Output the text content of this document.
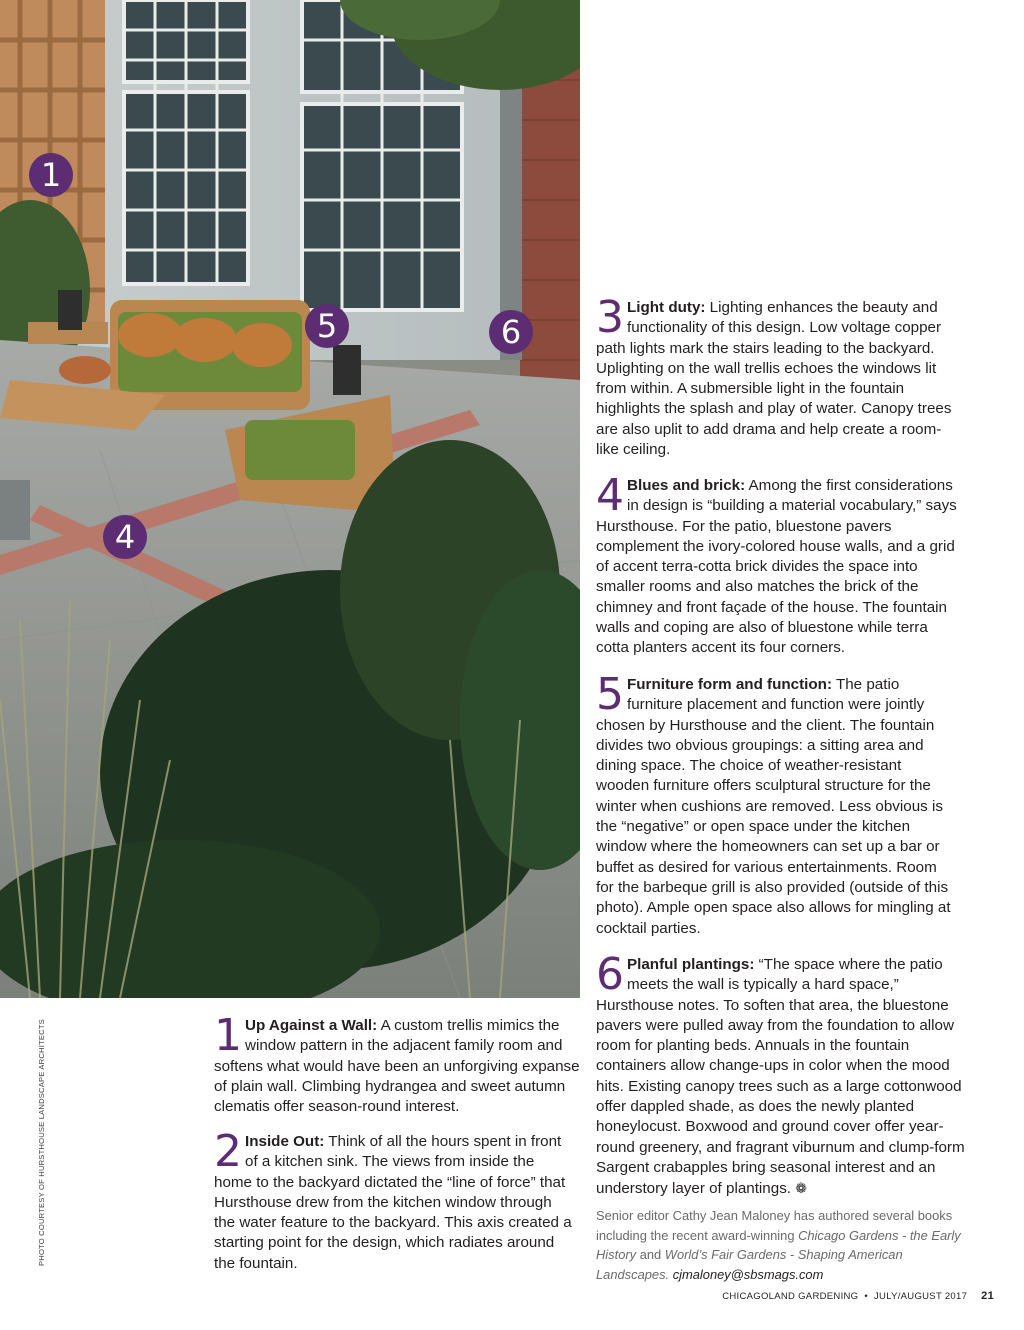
1
5	6
4
PHOTO COURTESY OF HURSTHOUSE LANDSCAPE ARCHITECTS	1 Up Against a Wall: A custom trellis mimics the window pattern in the adjacent family room and softens what would have been an unforgiving expanse of plain wall. Climbing hydrangea and sweet autumn clematis offer season-round interest.

2 Inside Out: Think of all the hours spent in front of a kitchen sink. The views from inside the home to the backyard dictated the “line of force” that Hursthouse drew from the kitchen window through the water feature to the backyard. This axis created a starting point for the design, which radiates around the fountain.

3 Light duty: Lighting enhances the beauty and functionality of this design. Low voltage copper path lights mark the stairs leading to the backyard. Uplighting on the wall trellis echoes the windows lit from within. A submersible light in the fountain highlights the splash and play of water. Canopy trees are also uplit to add drama and help create a room-like ceiling.

4 Blues and brick: Among the first considerations in design is “building a material vocabulary,” says Hursthouse. For the patio, bluestone pavers complement the ivory-colored house walls, and a grid of accent terra-cotta brick divides the space into smaller rooms and also matches the brick of the chimney and front façade of the house. The fountain walls and coping are also of bluestone while terra cotta planters accent its four corners.

5 Furniture form and function: The patio furniture placement and function were jointly chosen by Hursthouse and the client. The fountain divides two obvious groupings: a sitting area and dining space. The choice of weather-resistant wooden furniture offers sculptural structure for the winter when cushions are removed. Less obvious is the “negative” or open space under the kitchen window where the homeowners can set up a bar or buffet as desired for various entertainments. Room for the barbeque grill is also provided (outside of this photo). Ample open space also allows for mingling at cocktail parties.

6 Planful plantings: “The space where the patio meets the wall is typically a hard space,” Hursthouse notes. To soften that area, the bluestone pavers were pulled away from the foundation to allow room for planting beds. Annuals in the fountain containers allow change-ups in color when the mood hits. Existing canopy trees such as a large cottonwood offer dappled shade, as does the newly planted honeylocust. Boxwood and ground cover offer year-round greenery, and fragrant viburnum and clump-form Sargent crabapples bring seasonal interest and an understory layer of plantings. ❁

Senior editor Cathy Jean Maloney has authored several books including the recent award-winning Chicago Gardens - the Early History and World’s Fair Gardens - Shaping American Landscapes. cjmaloney@sbsmags.com
CHICAGOLAND GARDENING • JULY/AUGUST 2017 21
